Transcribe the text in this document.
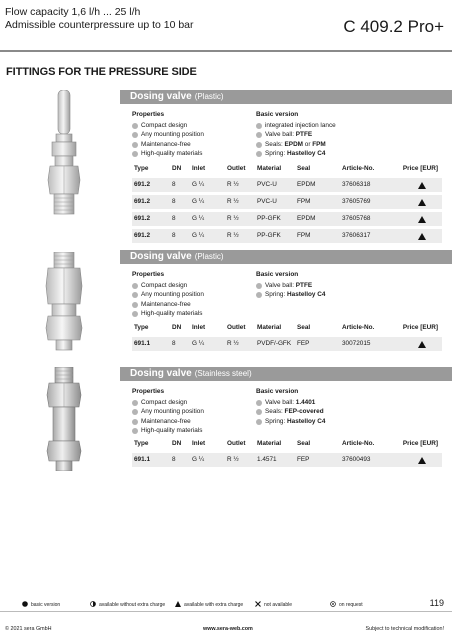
Flow capacity 1,6 l/h ... 25 l/h
Admissible counterpressure up to 10 bar	C 409.2 Pro+
FITTINGS FOR THE PRESSURE SIDE
Dosing valve (Plastic)
Properties	Basic version
Compact design
Any mounting position
Maintenance-free
High-quality materials
integrated injection lance
Valve ball: PTFE
Seals: EPDM or FPM
Spring: Hastelloy C4
Type	DN Inlet	Outlet Material Seal	Article-No.	Price [EUR]
691.2	8	G ¼	R ½	PVC-U	EPDM	37606318
691.2	8	G ¼	R ½	PVC-U	FPM	37605769
691.2	8	G ¼	R ½	PP-GFK	EPDM	37605768
691.2	8	G ¼	R ½	PP-GFK	FPM	37606317
Dosing valve (Plastic)
Properties	Basic version
Compact design
Any mounting position
Maintenance-free
High-quality materials
Valve ball: PTFE
Spring: Hastelloy C4
Type	DN Inlet	Outlet Material Seal	Article-No.	Price [EUR]
691.1	8	G ¼	R ½	PVDF/-GFK FEP	30072015
Dosing valve (Stainless steel)
Properties	Basic version
Compact design
Any mounting position
Maintenance-free
High-quality materials
Valve ball: 1.4401
Seals: FEP-covered
Spring: Hastelloy C4
Type	DN Inlet	Outlet Material Seal	Article-No.	Price [EUR]
691.1	8	G ¼	R ½	1.4571	FEP	37600493
basic version	available without extra charge	available with extra charge	not available	on request	119
© 2021 sera GmbH	www.sera-web.com	Subject to technical modification!
